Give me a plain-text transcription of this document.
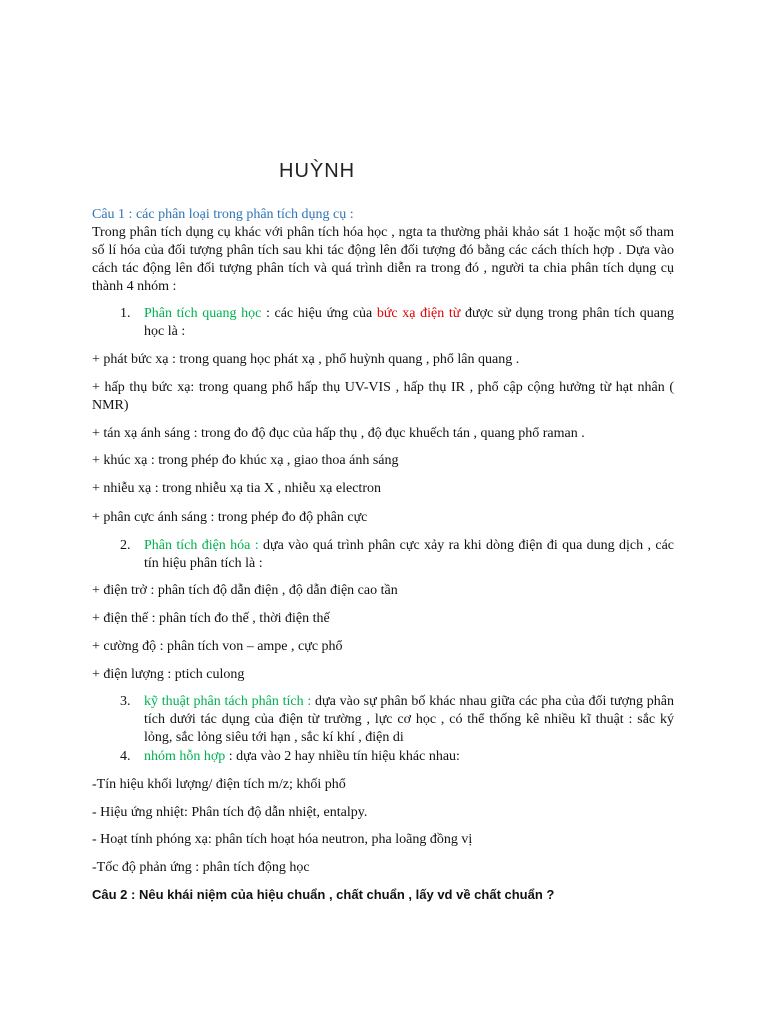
HUỲNH
Câu 1 : các phân loại trong phân tích dụng cụ :
Trong phân tích dụng cụ khác với phân tích hóa học , ngta ta thường phải khảo sát 1 hoặc một số tham số lí hóa của đối tượng phân tích sau khi tác động lên đối tượng đó bằng các cách thích hợp . Dựa vào cách tác động lên đối tượng phân tích và quá trình diễn ra trong đó , người ta chia phân tích dụng cụ thành 4 nhóm :
1. Phân tích quang học : các hiệu ứng của bức xạ điện từ được sử dụng trong phân tích quang học là :
+ phát bức xạ : trong quang học phát xạ , phổ huỳnh quang , phổ lân quang .
+ hấp thụ bức xạ: trong quang phổ hấp thụ UV-VIS , hấp thụ IR , phổ cập cộng hưởng từ hạt nhân ( NMR)
+ tán xạ ánh sáng : trong đo độ đục của hấp thụ , độ đục khuếch tán , quang phổ raman .
+ khúc xạ : trong phép đo khúc xạ , giao thoa ánh sáng
+ nhiễu xạ : trong nhiễu xạ tia X , nhiễu xạ electron
+ phân cực ánh sáng : trong phép đo độ phân cực
2. Phân tích điện hóa : dựa vào quá trình phân cực xảy ra khi dòng điện đi qua dung dịch , các tín hiệu phân tích là :
+ điện trở : phân tích độ dẫn điện , độ dẫn điện cao tần
+ điện thế : phân tích đo thế , thời điện thế
+ cường độ : phân tích von – ampe , cực phổ
+ điện lượng : ptich culong
3. kỹ thuật phân tách phân tích : dựa vào sự phân bố khác nhau giữa các pha của đối tượng phân tích dưới tác dụng của điện từ trường , lực cơ học , có thể thống kê nhiều kĩ thuật : sắc ký lỏng, sắc lỏng siêu tới hạn , sắc kí khí , điện di
4. nhóm hỗn hợp : dựa vào 2 hay nhiều tín hiệu khác nhau:
-Tín hiệu khối lượng/ điện tích m/z; khối phổ
- Hiệu ứng nhiệt: Phân tích độ dẫn nhiệt, entalpy.
- Hoạt tính phóng xạ: phân tích hoạt hóa neutron, pha loãng đồng vị
-Tốc độ phản ứng : phân tích động học
Câu 2 : Nêu khái niệm của hiệu chuẩn , chất chuẩn , lấy vd về chất chuẩn ?
